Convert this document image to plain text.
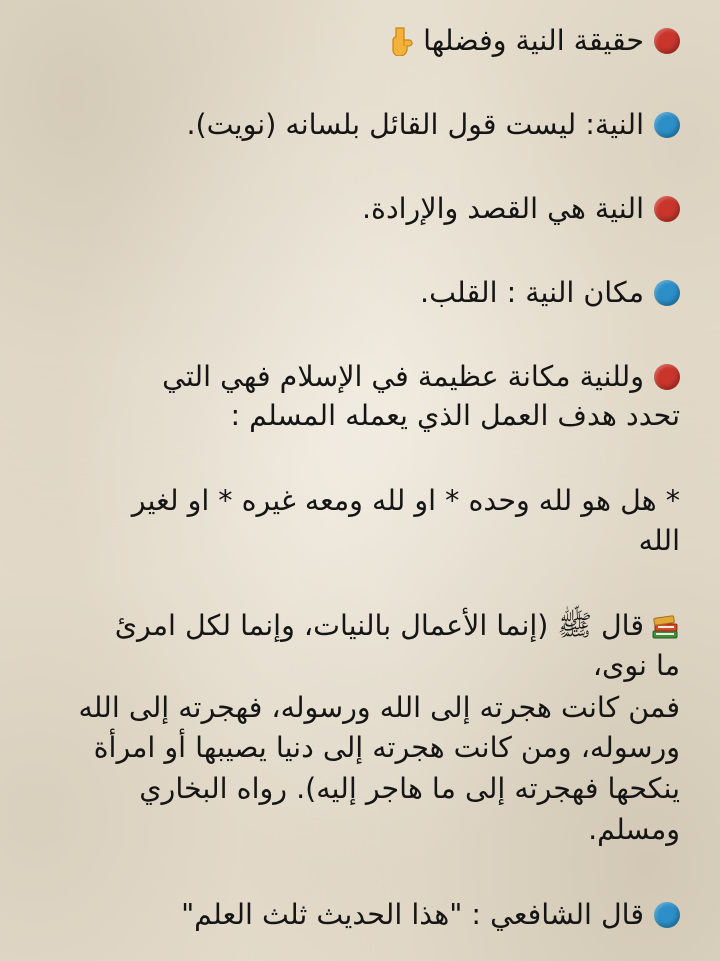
حقيقة النية وفضلها
النية: ليست قول القائل بلسانه (نويت).
النية هي القصد والإرادة.
مكان النية : القلب.
وللنية مكانة عظيمة في الإسلام فهي التي
تحدد هدف العمل الذي يعمله المسلم :
* هل هو لله وحده * او لله ومعه غيره * او لغير
الله
قال ﷺ (إنما الأعمال بالنيات، وإنما لكل امرئ
ما نوى،
فمن كانت هجرته إلى الله ورسوله، فهجرته إلى الله
ورسوله، ومن كانت هجرته إلى دنيا يصيبها أو امرأة
ينكحها فهجرته إلى ما هاجر إليه). رواه البخاري
ومسلم.
قال الشافعي : "هذا الحديث ثلث العلم"
